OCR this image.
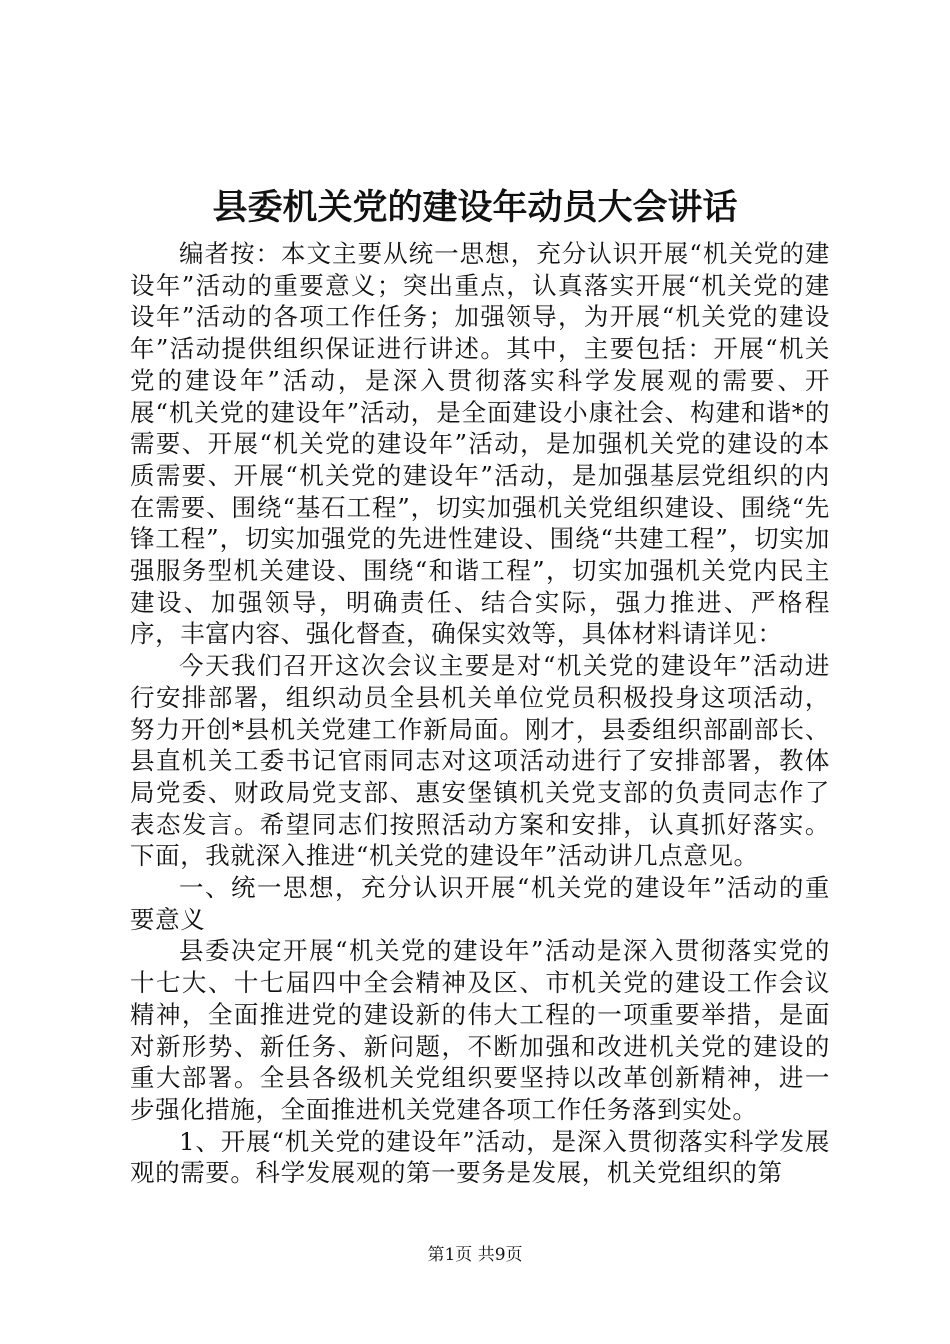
县委机关党的建设年动员大会讲话

编者按：本文主要从统一思想，充分认识开展“机关党的建设年”活动的重要意义；突出重点，认真落实开展“机关党的建设年”活动的各项工作任务；加强领导，为开展“机关党的建设年”活动提供组织保证进行讲述。其中，主要包括：开展“机关党的建设年”活动，是深入贯彻落实科学发展观的需要、开展“机关党的建设年”活动，是全面建设小康社会、构建和谐*的需要、开展“机关党的建设年”活动，是加强机关党的建设的本质需要、开展“机关党的建设年”活动，是加强基层党组织的内在需要、围绕“基石工程”，切实加强机关党组织建设、围绕“先锋工程”，切实加强党的先进性建设、围绕“共建工程”，切实加强服务型机关建设、围绕“和谐工程”，切实加强机关党内民主建设、加强领导，明确责任、结合实际，强力推进、严格程序，丰富内容、强化督查，确保实效等，具体材料请详见：

今天我们召开这次会议主要是对“机关党的建设年”活动进行安排部署，组织动员全县机关单位党员积极投身这项活动，努力开创*县机关党建工作新局面。刚才，县委组织部副部长、县直机关工委书记官雨同志对这项活动进行了安排部署，教体局党委、财政局党支部、惠安堡镇机关党支部的负责同志作了表态发言。希望同志们按照活动方案和安排，认真抓好落实。下面，我就深入推进“机关党的建设年”活动讲几点意见。

一、统一思想，充分认识开展“机关党的建设年”活动的重要意义

县委决定开展“机关党的建设年”活动是深入贯彻落实党的十七大、十七届四中全会精神及区、市机关党的建设工作会议精神，全面推进党的建设新的伟大工程的一项重要举措，是面对新形势、新任务、新问题，不断加强和改进机关党的建设的重大部署。全县各级机关党组织要坚持以改革创新精神，进一步强化措施，全面推进机关党建各项工作任务落到实处。

1、开展“机关党的建设年”活动，是深入贯彻落实科学发展观的需要。科学发展观的第一要务是发展，机关党组织的第

第1页 共9页
